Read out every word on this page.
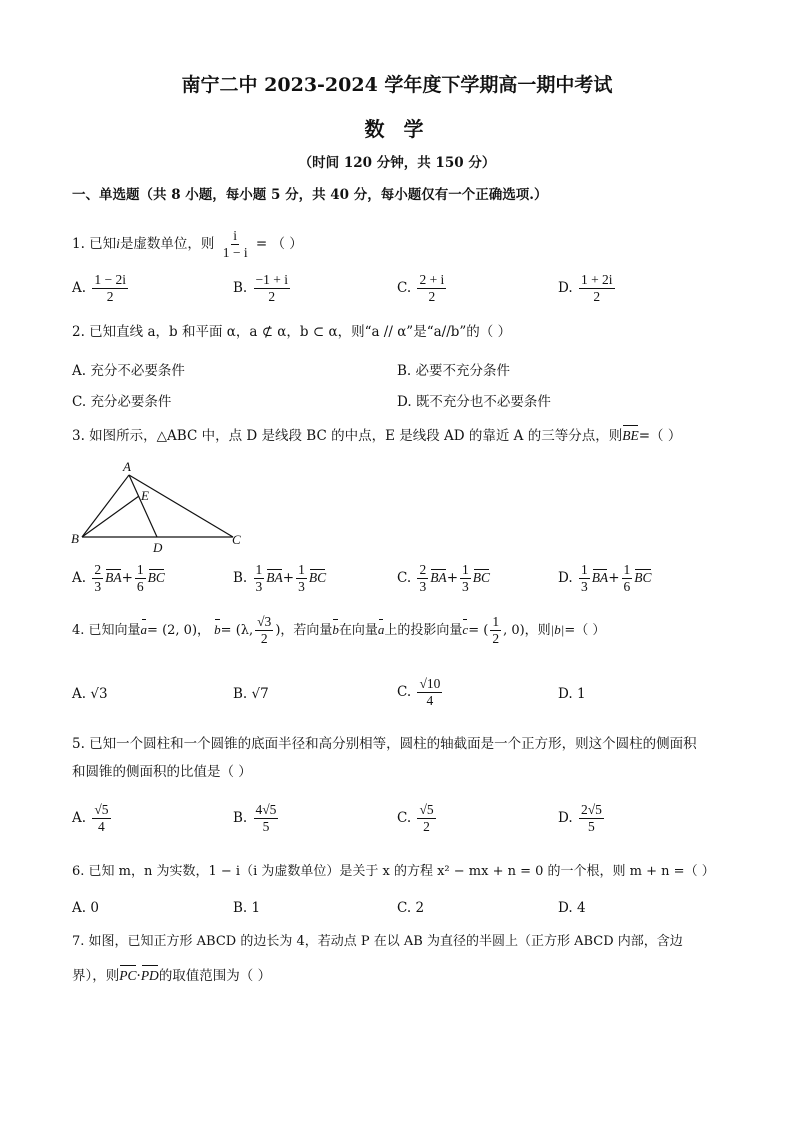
南宁二中 2023-2024 学年度下学期高一期中考试
数 学
（时间 120 分钟，共 150 分）
一、单选题（共 8 小题，每小题 5 分，共 40 分，每小题仅有一个正确选项.）
1. 已知i是虚数单位，则 $\frac{i}{1 - i}$ = （ ）
A. $\frac{1 - 2i}{2}$	B. $\frac{-1 + i}{2}$	C. $\frac{2 + i}{2}$	D. $\frac{1 + 2i}{2}$
2. 已知直线 a，b 和平面 α，a ⊄ α，b ⊂ α，则“a // α”是“a//b”的（ ）
A. 充分不必要条件	B. 必要不充分条件
C. 充分必要条件	D. 既不充分也不必要条件
3. 如图所示，△ABC 中，点 D 是线段 BC 的中点，E 是线段 AD 的靠近 A 的三等分点，则BE=（ ）
A
E
B
D
C
A. $\frac{2}{3} BA+ \frac{1}{6}$ BC	B. $\frac{1}{3} BA+ \frac{1}{3}$ BC	C. $\frac{2}{3} BA+ \frac{1}{3}$ BC	D. $\frac{1}{3} BA+ \frac{1}{6}$ BC
4. 已知向量a= (2, 0)， b= (λ, $\frac{√3}{2}$ )，若向量b在向量a上的投影向量c= ( $\frac{1}{2}$ , 0)，则|b|=（ ）
A. √3	B. √7	C. $\frac{√10}{4}$	D. 1
5. 已知一个圆柱和一个圆锥的底面半径和高分别相等，圆柱的轴截面是一个正方形，则这个圆柱的侧面积
和圆锥的侧面积的比值是（ ）
A. $\frac{√5}{4}$	B. $\frac{4√5}{5}$	C. $\frac{√5}{2}$	D. $\frac{2√5}{5}$
6. 已知 m，n 为实数，1 − i（i 为虚数单位）是关于 x 的方程 x² − mx + n = 0 的一个根，则 m + n =（ ）
A. 0	B. 1	C. 2	D. 4
7. 如图，已知正方形 ABCD 的边长为 4，若动点 P 在以 AB 为直径的半圆上（正方形 ABCD 内部，含边
界），则PC·PD的取值范围为（ ）
